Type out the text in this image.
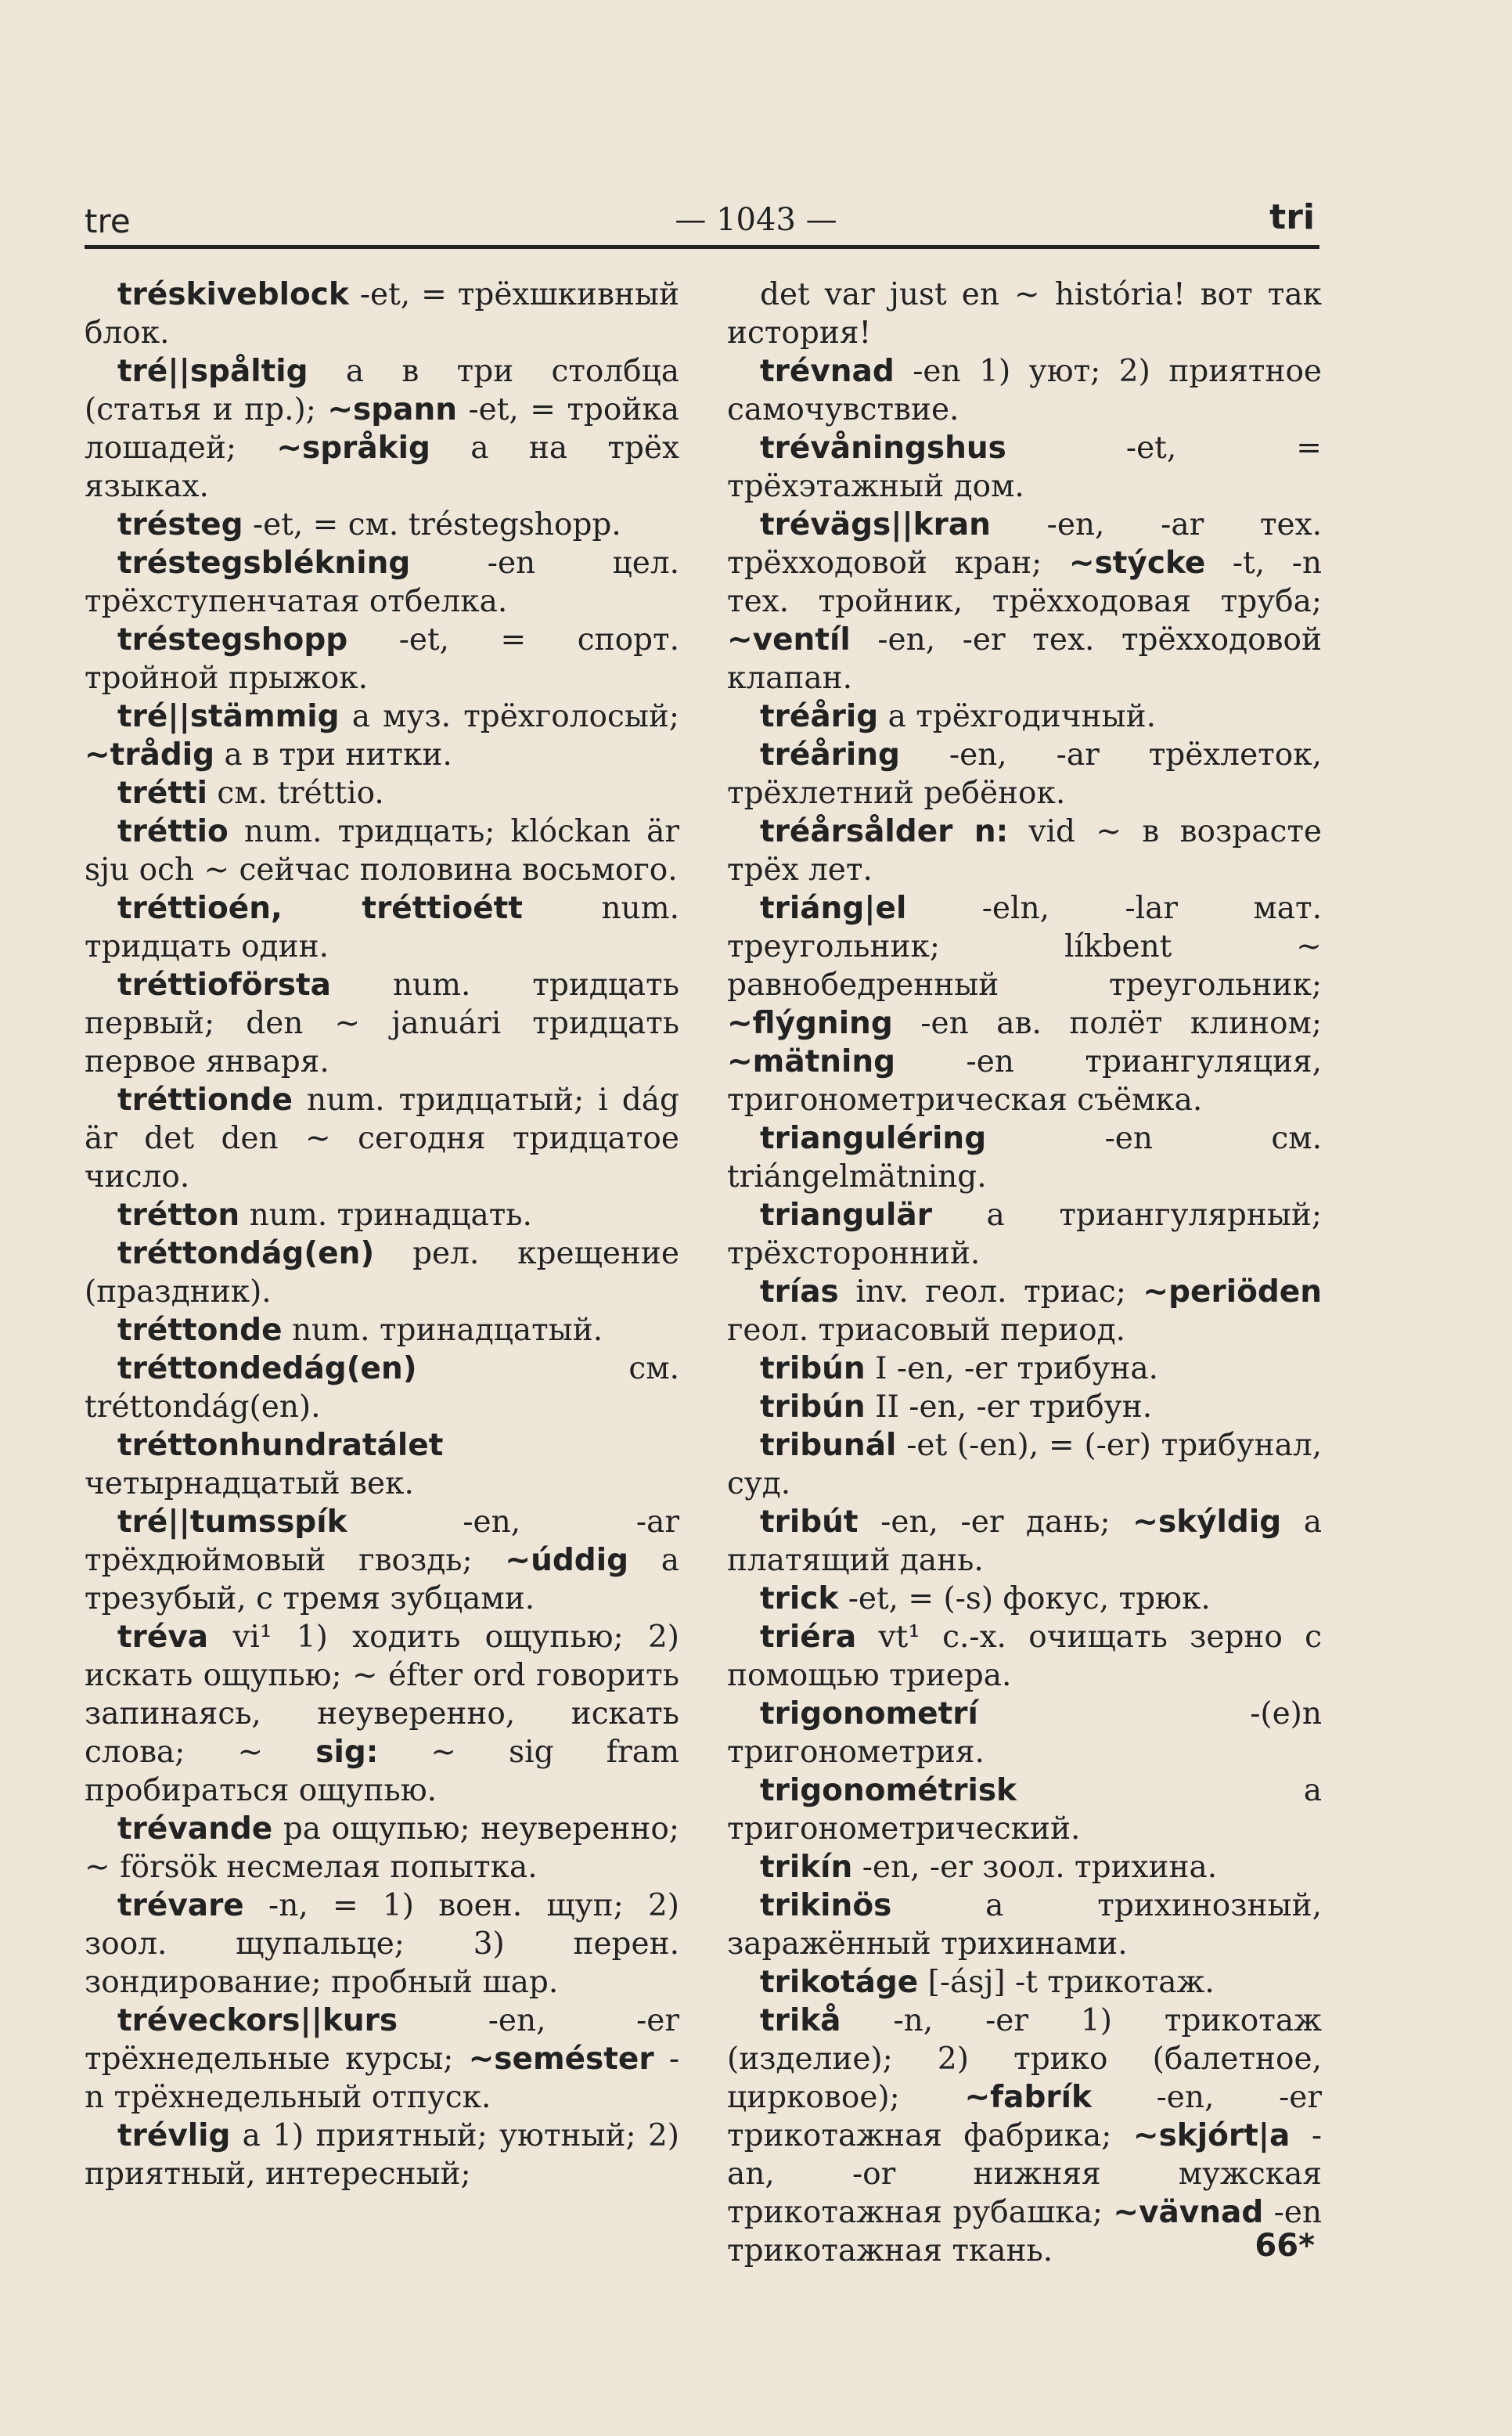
tre	— 1043 —	tri

tréskiveblock -et, = трёхшкивный блок.

tré||spåltig a в три столбца (статья и пр.); ~spann -et, = тройка лошадей; ~språkig a на трёх языках.

trésteg -et, = см. tréstegshopp.

tréstegsblékning -en цел. трёхступенчатая отбелка.

tréstegshopp -et, = спорт. тройной прыжок.

tré||stämmig a муз. трёхголосый; ~trådig a в три нитки.

trétti см. tréttio.

tréttio num. тридцать; klóckan är sju och ~ сейчас половина восьмого.

tréttioén, tréttioétt num. тридцать один.

tréttioförsta num. тридцать первый; den ~ januári тридцать первое января.

tréttionde num. тридцатый; i dág är det den ~ сегодня тридцатое число.

trétton num. тринадцать.

tréttondág(en) рел. крещение (праздник).

tréttonde num. тринадцатый.

tréttondedág(en) см. tréttondág(en).

tréttonhundratálet четырнадцатый век.

tré||tumsspík -en, -ar трёхдюймовый гвоздь; ~úddig a трезубый, с тремя зубцами.

tréva vi¹ 1) ходить ощупью; 2) искать ощупью; ~ éfter ord говорить запинаясь, неуверенно, искать слова; ~ sig: ~ sig fram пробираться ощупью.

trévande pa ощупью; неуверенно; ~ försök несмелая попытка.

trévare -n, = 1) воен. щуп; 2) зоол. щупальце; 3) перен. зондирование; пробный шар.

tréveckors||kurs -en, -er трёхнедельные курсы; ~seméster -n трёхнедельный отпуск.

trévlig a 1) приятный; уютный; 2) приятный, интересный;

det var just en ~ história! вот так история!

trévnad -en 1) уют; 2) приятное самочувствие.

trévåningshus -et, = трёхэтажный дом.

trévägs||kran -en, -ar тех. трёхходовой кран; ~stýcke -t, -n тех. тройник, трёхходовая труба; ~ventíl -en, -er тех. трёхходовой клапан.

tréårig a трёхгодичный.

tréåring -en, -ar трёхлеток, трёхлетний ребёнок.

tréårsålder n: vid ~ в возрасте трёх лет.

triáng|el -eln, -lar мат. треугольник; líkbent ~ равнобедренный треугольник; ~flýgning -en ав. полёт клином; ~mätning -en триангуляция, тригонометрическая съёмка.

trianguléring -en см. triángelmätning.

triangulär a триангулярный; трёхсторонний.

trías inv. геол. триас; ~periöden геол. триасовый период.

tribún I -en, -er трибуна.

tribún II -en, -er трибун.

tribunál -et (-en), = (-er) трибунал, суд.

tribút -en, -er дань; ~skýldig a платящий дань.

trick -et, = (-s) фокус, трюк.

triéra vt¹ с.-х. очищать зерно с помощью триера.

trigonometrí -(e)n тригонометрия.

trigonométrisk a тригонометрический.

trikín -en, -er зоол. трихина.

trikinös a трихинозный, заражённый трихинами.

trikotáge [-ásj] -t трикотаж.

trikå -n, -er 1) трикотаж (изделие); 2) трико (балетное, цирковое); ~fabrík -en, -er трикотажная фабрика; ~skjórt|a -an, -or нижняя мужская трикотажная рубашка; ~vävnad -en трикотажная ткань.	66*
